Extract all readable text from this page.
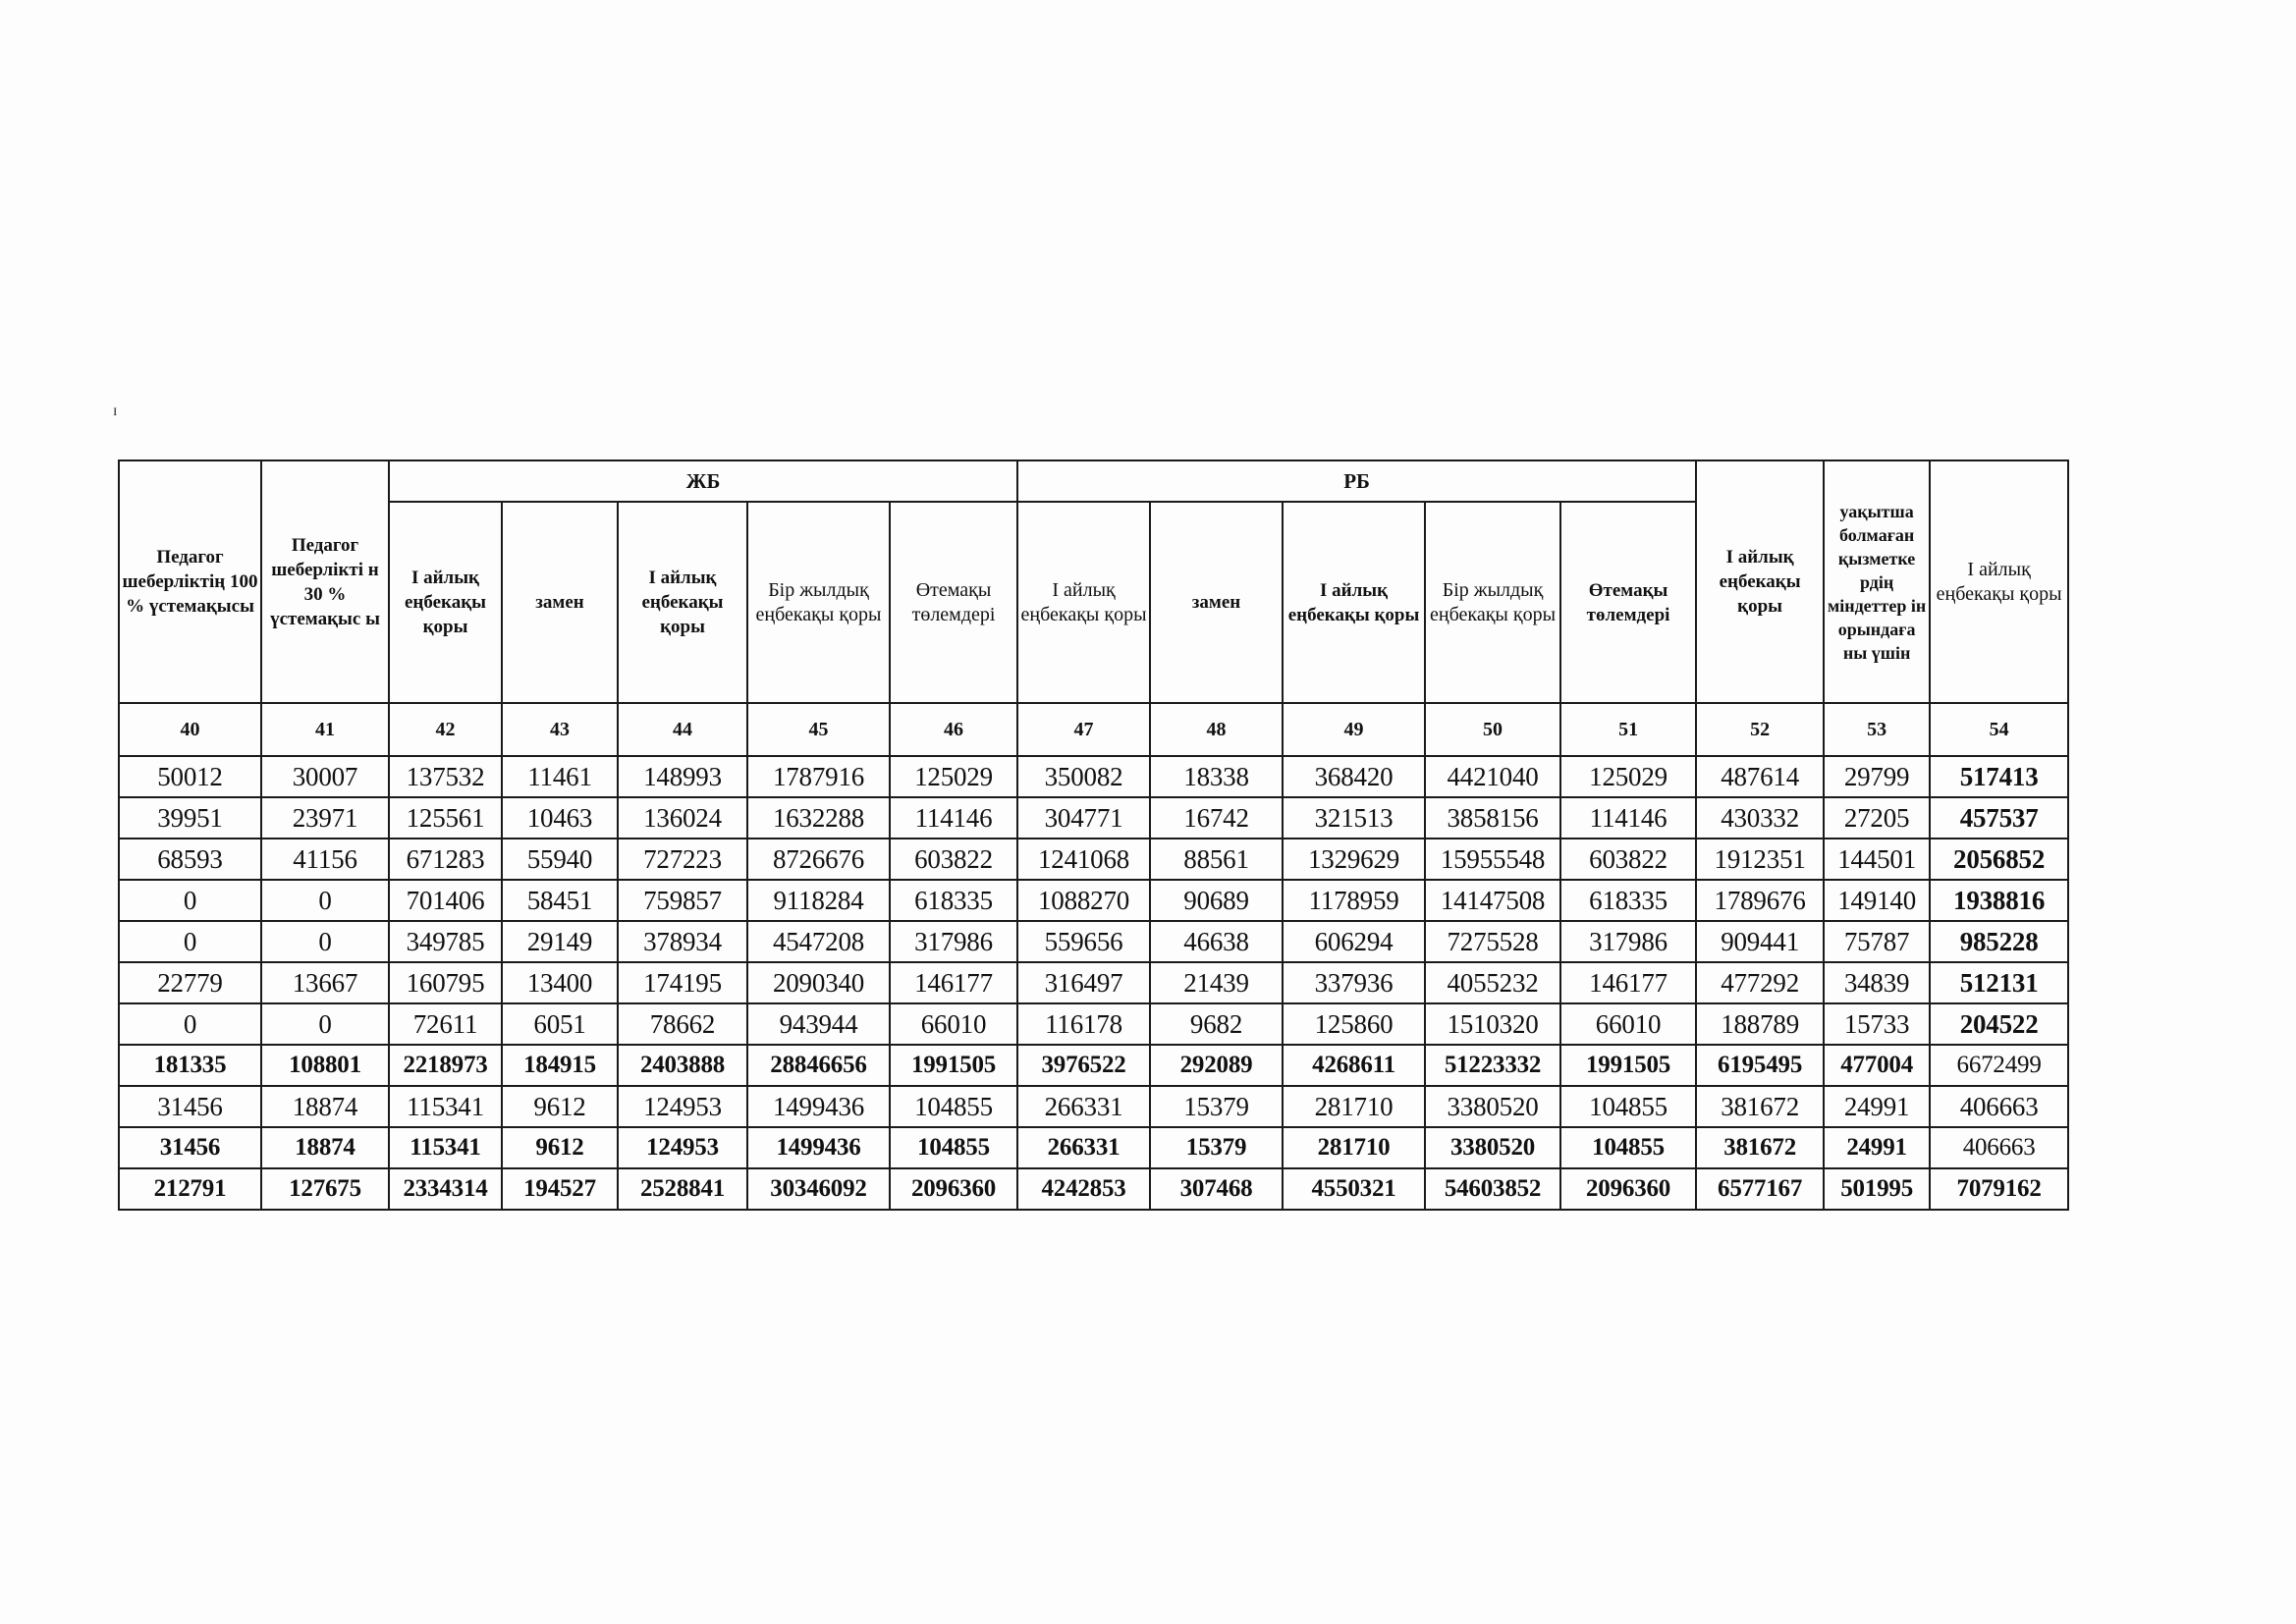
ɪ
Педагог шеберліктің 100 % үстемақысы	Педагог шеберлікті н 30 % үстемақыс ы	ЖБ					РБ					I айлық еңбекақы қоры	уақытша болмаған қызметке рдің міндеттер ін орындаға ны үшін	I айлық еңбекақы қоры
		I айлық еңбекақы қоры	замен	I айлық еңбекақы қоры	Бір жылдық еңбекақы қоры	Өтемақы төлемдері	I айлық еңбекақы қоры	замен	I айлық еңбекақы қоры	Бір жылдық еңбекақы қоры	Өтемақы төлемдері			
40	41	42	43	44	45	46	47	48	49	50	51	52	53	54
50012	30007	137532	11461	148993	1787916	125029	350082	18338	368420	4421040	125029	487614	29799	517413
39951	23971	125561	10463	136024	1632288	114146	304771	16742	321513	3858156	114146	430332	27205	457537
68593	41156	671283	55940	727223	8726676	603822	1241068	88561	1329629	15955548	603822	1912351	144501	2056852
0	0	701406	58451	759857	9118284	618335	1088270	90689	1178959	14147508	618335	1789676	149140	1938816
0	0	349785	29149	378934	4547208	317986	559656	46638	606294	7275528	317986	909441	75787	985228
22779	13667	160795	13400	174195	2090340	146177	316497	21439	337936	4055232	146177	477292	34839	512131
0	0	72611	6051	78662	943944	66010	116178	9682	125860	1510320	66010	188789	15733	204522
181335	108801	2218973	184915	2403888	28846656	1991505	3976522	292089	4268611	51223332	1991505	6195495	477004	6672499
31456	18874	115341	9612	124953	1499436	104855	266331	15379	281710	3380520	104855	381672	24991	406663
31456	18874	115341	9612	124953	1499436	104855	266331	15379	281710	3380520	104855	381672	24991	406663
212791	127675	2334314	194527	2528841	30346092	2096360	4242853	307468	4550321	54603852	2096360	6577167	501995	7079162
